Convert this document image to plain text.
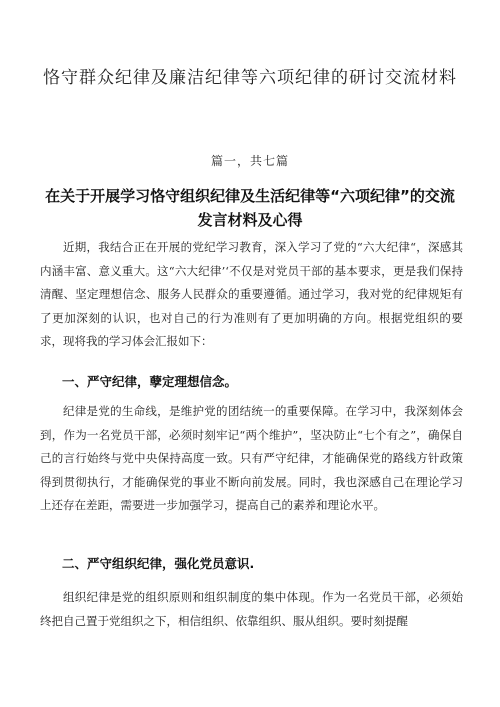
恪守群众纪律及廉洁纪律等六项纪律的研讨交流材料
篇一，共七篇
在关于开展学习恪守组织纪律及生活纪律等“六项纪律”的交流发言材料及心得

近期，我结合正在开展的党纪学习教育，深入学习了党的“六大纪律“，深感其内涵丰富、意义重大。这“六大纪律’‘不仅是对党员干部的基本要求，更是我们保持清醒、坚定理想信念、服务人民群众的重要遵循。通过学习，我对党的纪律规矩有了更加深刻的认识，也对自己的行为准则有了更加明确的方向。根据党组织的要求，现将我的学习体会汇报如下：

一、严守纪律，孽定理想信念。

纪律是党的生命线，是维护党的团结统一的重要保障。在学习中，我深刻体会到，作为一名党员干部，必须时刻牢记“两个维护”，坚决防止“七个有之”，确保自己的言行始终与党中央保持高度一致。只有严守纪律，才能确保党的路线方针政策得到贯彻执行，才能确保党的事业不断向前发展。同时，我也深感自己在理论学习上还存在差距，需要进一步加强学习，提高自己的素养和理论水平。

二、严守组织纪律，强化党员意识.

组织纪律是党的组织原则和组织制度的集中体现。作为一名党员干部，必须始终把自己置于党组织之下，相信组织、依靠组织、服从组织。要时刻提醒
